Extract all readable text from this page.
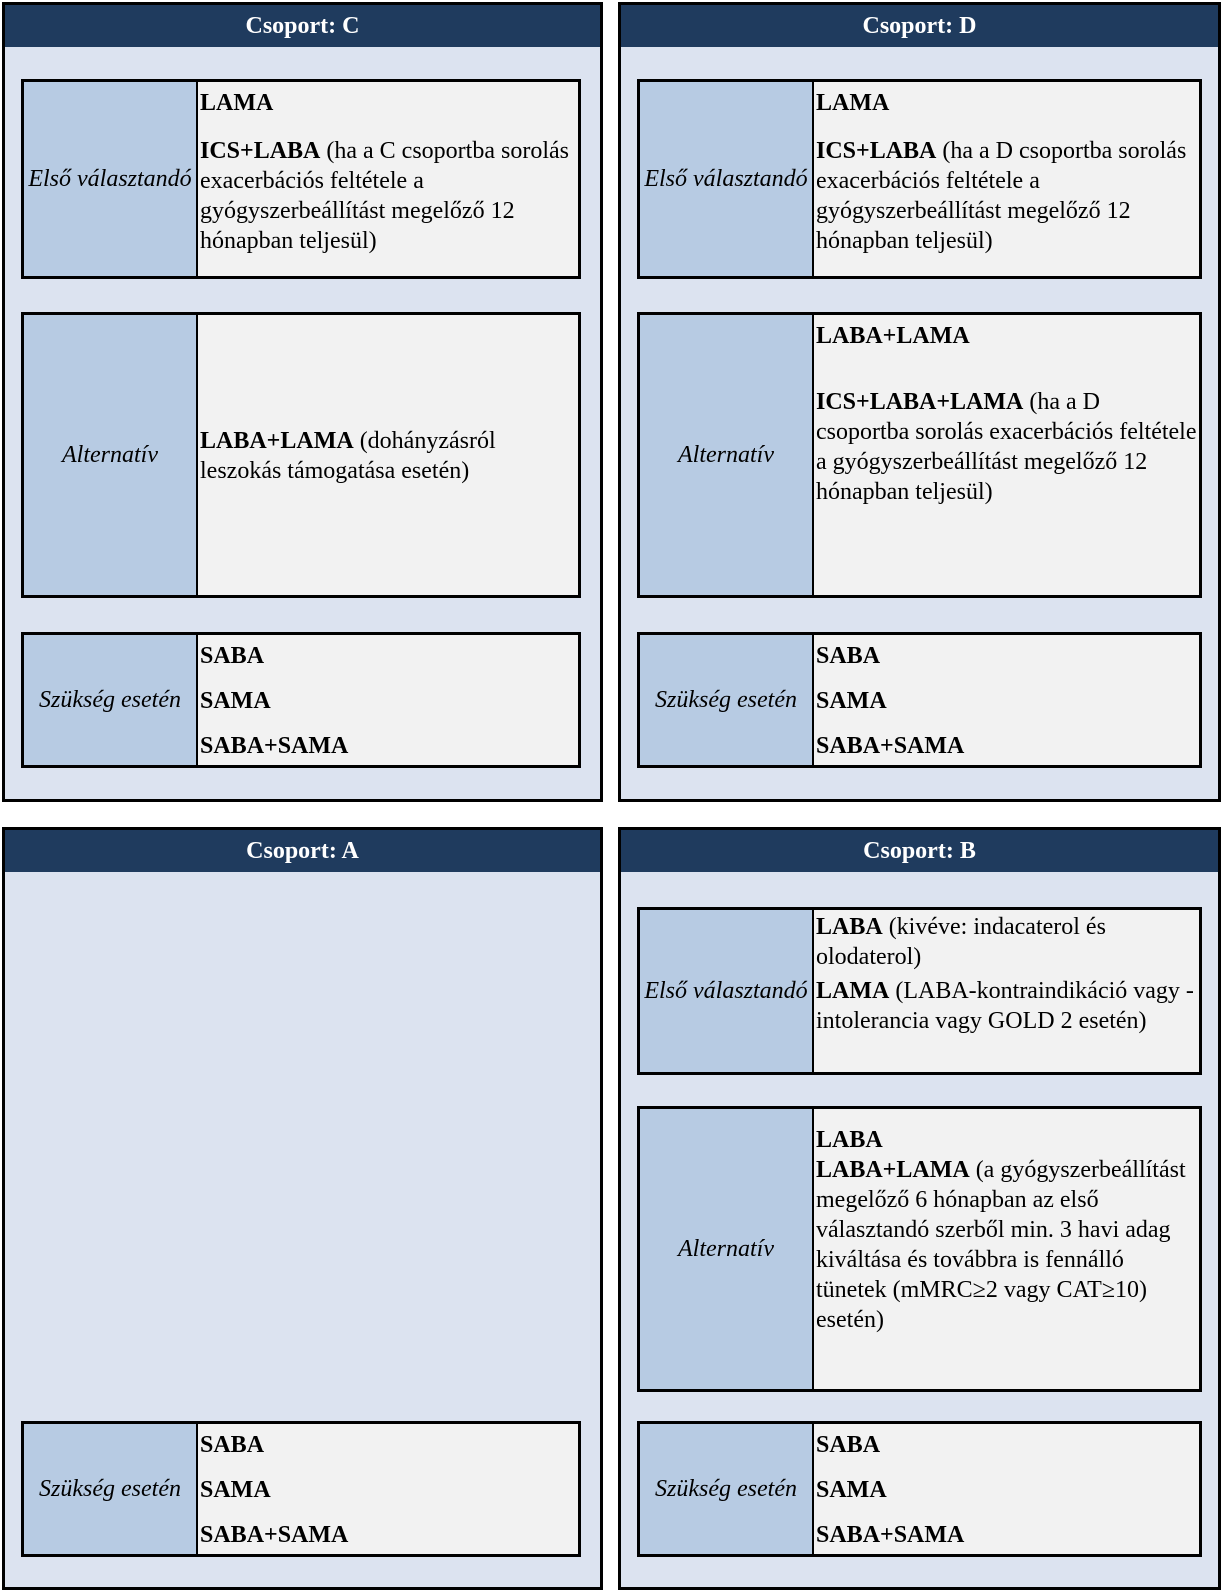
Csoport: C
Első választandó
LAMA
ICS+LABA (ha a C csoportba sorolás exacerbációs feltétele a gyógyszerbeállítást megelőző 12 hónapban teljesül)
Alternatív
LABA+LAMA (dohányzásról leszokás támogatása esetén)
Szükség esetén
SABA
SAMA
SABA+SAMA
Csoport: D
Első választandó
LAMA
ICS+LABA (ha a D csoportba sorolás exacerbációs feltétele a gyógyszerbeállítást megelőző 12 hónapban teljesül)
Alternatív
LABA+LAMA
ICS+LABA+LAMA (ha a D csoportba sorolás exacerbációs feltétele a gyógyszerbeállítást megelőző 12 hónapban teljesül)
Szükség esetén
SABA
SAMA
SABA+SAMA
Csoport: A
Szükség esetén
SABA
SAMA
SABA+SAMA
Csoport: B
Első választandó
LABA (kivéve: indacaterol és olodaterol)
LAMA (LABA-kontraindikáció vagy -intolerancia vagy GOLD 2 esetén)
Alternatív
LABA
LABA+LAMA (a gyógyszerbeállítást megelőző 6 hónapban az első választandó szerből min. 3 havi adag kiváltása és továbbra is fennálló tünetek (mMRC≥2 vagy CAT≥10) esetén)
Szükség esetén
SABA
SAMA
SABA+SAMA
